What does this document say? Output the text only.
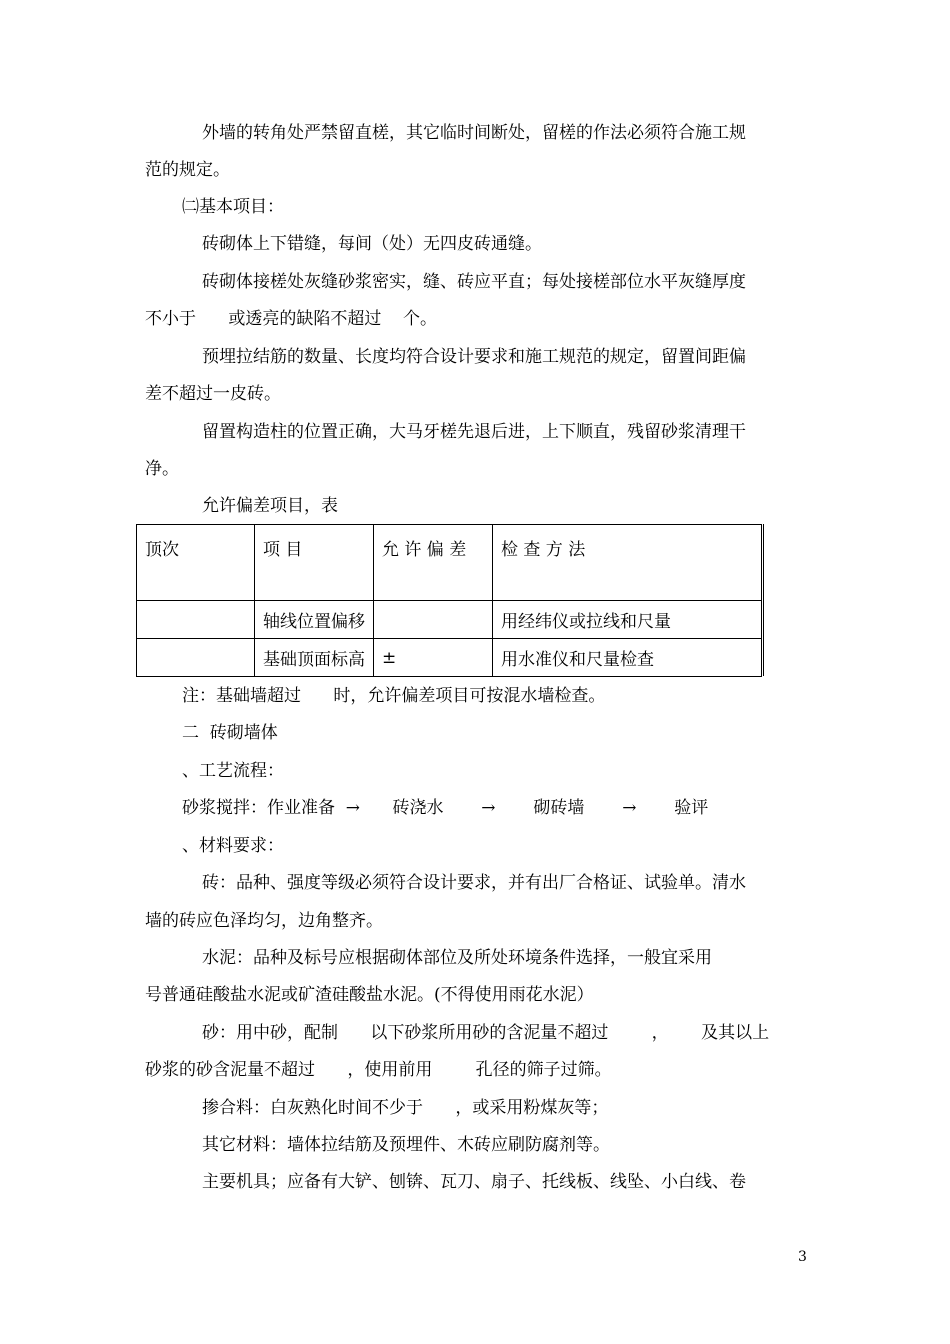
外墙的转角处严禁留直槎，其它临时间断处，留槎的作法必须符合施工规
范的规定。
㈡基本项目：
砖砌体上下错缝，每间（处）无四皮砖通缝。
砖砌体接槎处灰缝砂浆密实，缝、砖应平直；每处接槎部位水平灰缝厚度
不小于      或透亮的缺陷不超过    个。
预埋拉结筋的数量、长度均符合设计要求和施工规范的规定，留置间距偏
差不超过一皮砖。
留置构造柱的位置正确，大马牙槎先退后进，上下顺直，残留砂浆清理干
净。
允许偏差项目，表
顶次	项 目	允 许 偏 差	检 查 方 法
	轴线位置偏移		用经纬仪或拉线和尺量
	基础顶面标高	±	用水准仪和尺量检查
注：基础墙超过      时，允许偏差项目可按混水墙检查。
二  砖砌墙体
、工艺流程：
砂浆搅拌：作业准备  →      砖浇水       →       砌砖墙       →       验评
、材料要求：
砖：品种、强度等级必须符合设计要求，并有出厂合格证、试验单。清水
墙的砖应色泽均匀，边角整齐。
水泥：品种及标号应根据砌体部位及所处环境条件选择，一般宜采用
号普通硅酸盐水泥或矿渣硅酸盐水泥。(不得使用雨花水泥）
砂：用中砂，配制      以下砂浆所用砂的含泥量不超过        ，      及其以上
砂浆的砂含泥量不超过      ，使用前用        孔径的筛子过筛。
掺合料：白灰熟化时间不少于      ，或采用粉煤灰等；
其它材料：墙体拉结筋及预埋件、木砖应刷防腐剂等。
主要机具；应备有大铲、刨锛、瓦刀、扇子、托线板、线坠、小白线、卷
3
